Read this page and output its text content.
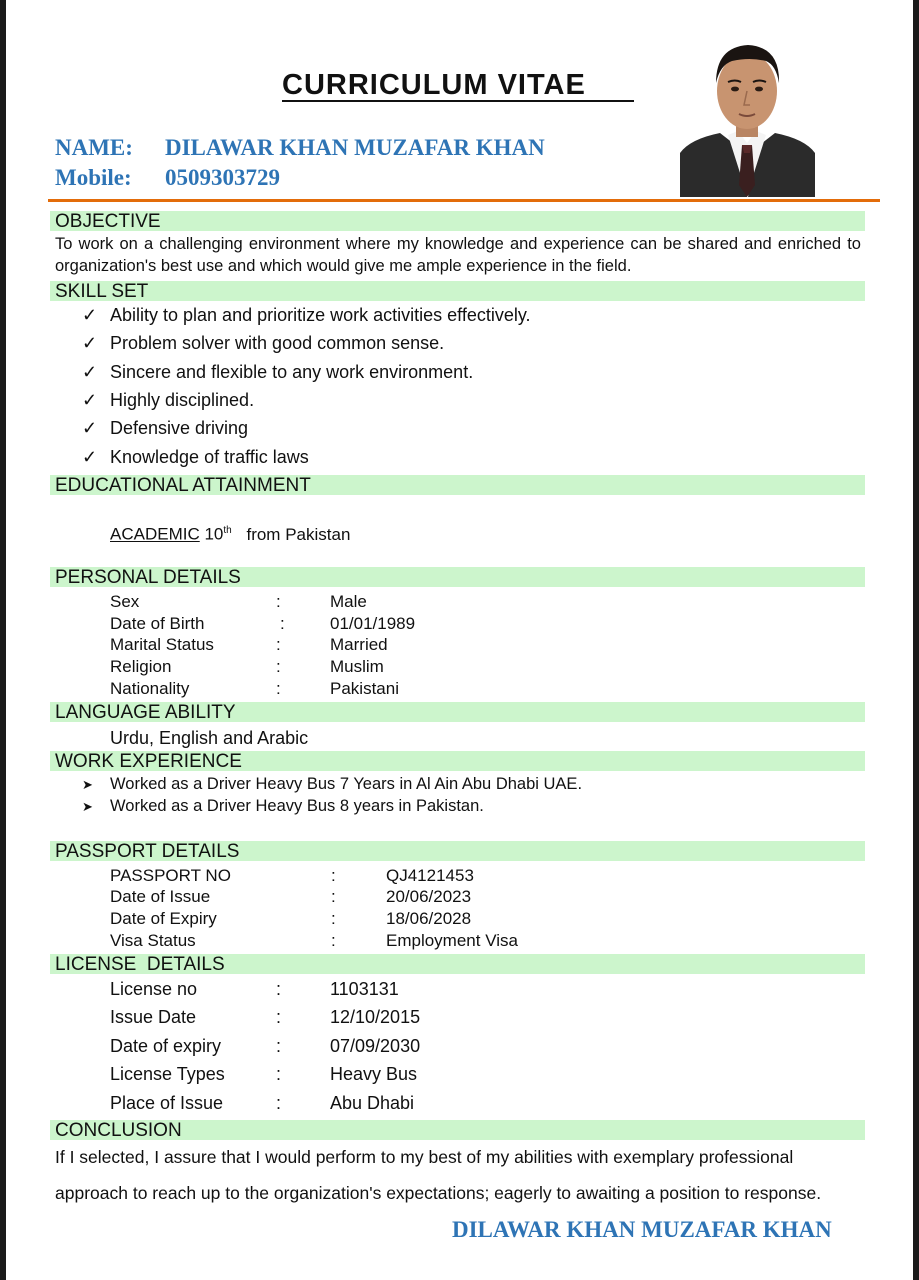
CURRICULUM VITAE
NAME: DILAWAR KHAN MUZAFAR KHAN
Mobile: 0509303729
OBJECTIVE
To work on a challenging environment where my knowledge and experience can be shared and enriched to organization's best use and which would give me ample experience in the field.
SKILL SET
✓ Ability to plan and prioritize work activities effectively.
✓ Problem solver with good common sense.
✓ Sincere and flexible to any work environment.
✓ Highly disciplined.
✓ Defensive driving
✓ Knowledge of traffic laws
EDUCATIONAL ATTAINMENT
ACADEMIC 10th from Pakistan
PERSONAL DETAILS
Sex	:	Male
Date of Birth	:	01/01/1989
Marital Status	:	Married
Religion	:	Muslim
Nationality	:	Pakistani
LANGUAGE ABILITY
Urdu, English and Arabic
WORK EXPERIENCE
➤ Worked as a Driver Heavy Bus 7 Years in Al Ain Abu Dhabi UAE.
➤ Worked as a Driver Heavy Bus 8 years in Pakistan.
PASSPORT DETAILS
PASSPORT NO	:	QJ4121453
Date of Issue	:	20/06/2023
Date of Expiry	:	18/06/2028
Visa Status	:	Employment Visa
LICENSE  DETAILS
License no	:	1103131
Issue Date	:	12/10/2015
Date of expiry	:	07/09/2030
License Types	:	Heavy Bus
Place of Issue	:	Abu Dhabi
CONCLUSION
If I selected, I assure that I would perform to my best of my abilities with exemplary professional
approach to reach up to the organization's expectations; eagerly to awaiting a position to response.
DILAWAR KHAN MUZAFAR KHAN
